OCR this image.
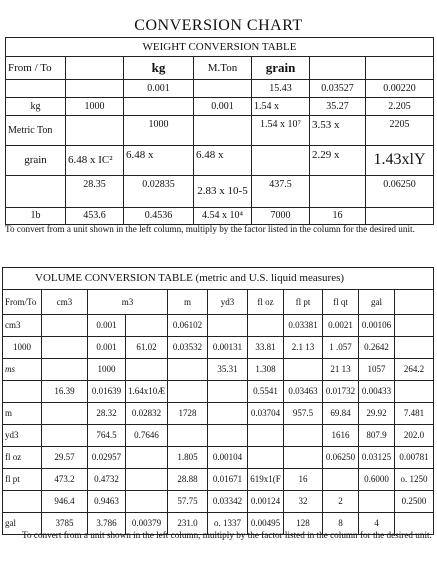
CONVERSION CHART
WEIGHT CONVERSION TABLE						
From / To		kg	M.Ton	grain		
		0.001		15.43	0.03527	0.00220
kg	1000		0.001	1.54 x	35.27	2.205
Metric Ton		1000		1.54 x 10⁷	3.53 x	2205
grain	6.48 x IC²	6.48 x	6.48 x		2.29 x	1.43xlY
	28.35	0.02835	2.83 x 10-5	437.5		0.06250
1b	453.6	0.4536	4.54 x 10⁴	7000	16	
To convert from a unit shown in the left column, multiply by the factor listed in the column for the desired unit.
VOLUME CONVERSION TABLE (metric and U.S. liquid measures)										
From/To	cm3	m3		m	yd3	fl oz	fl pt	fl qt	gal	
cm3		0.001		0.06102			0.03381	0.0021	0.00106	
1000		0.001	61.02	0.03532	0.00131	33.81	2.1 13	1 .057	0.2642	
ms		1000			35.31	1.308		21 13	1057	264.2
	16.39	0.01639	1.64x10Æ			0.5541	0.03463	0.01732	0.00433	
m		28.32	0.02832	1728		0.03704	957.5	69.84	29.92	7.481
yd3		764.5	0.7646					1616	807.9	202.0
fl oz	29.57	0.02957		1.805	0.00104			0.06250	0.03125	0.00781
fl pt	473.2	0.4732		28.88	0.01671	619x1(F	16		0.6000	o. 1250
	946.4	0.9463		57.75	0.03342	0.00124	32	2		0.2500
gal	3785	3.786	0.00379	231.0	o. 1337	0.00495	128	8	4	
To convert from a unit shown in the left column, multiply by the factor listed in the column for the desired unit.
